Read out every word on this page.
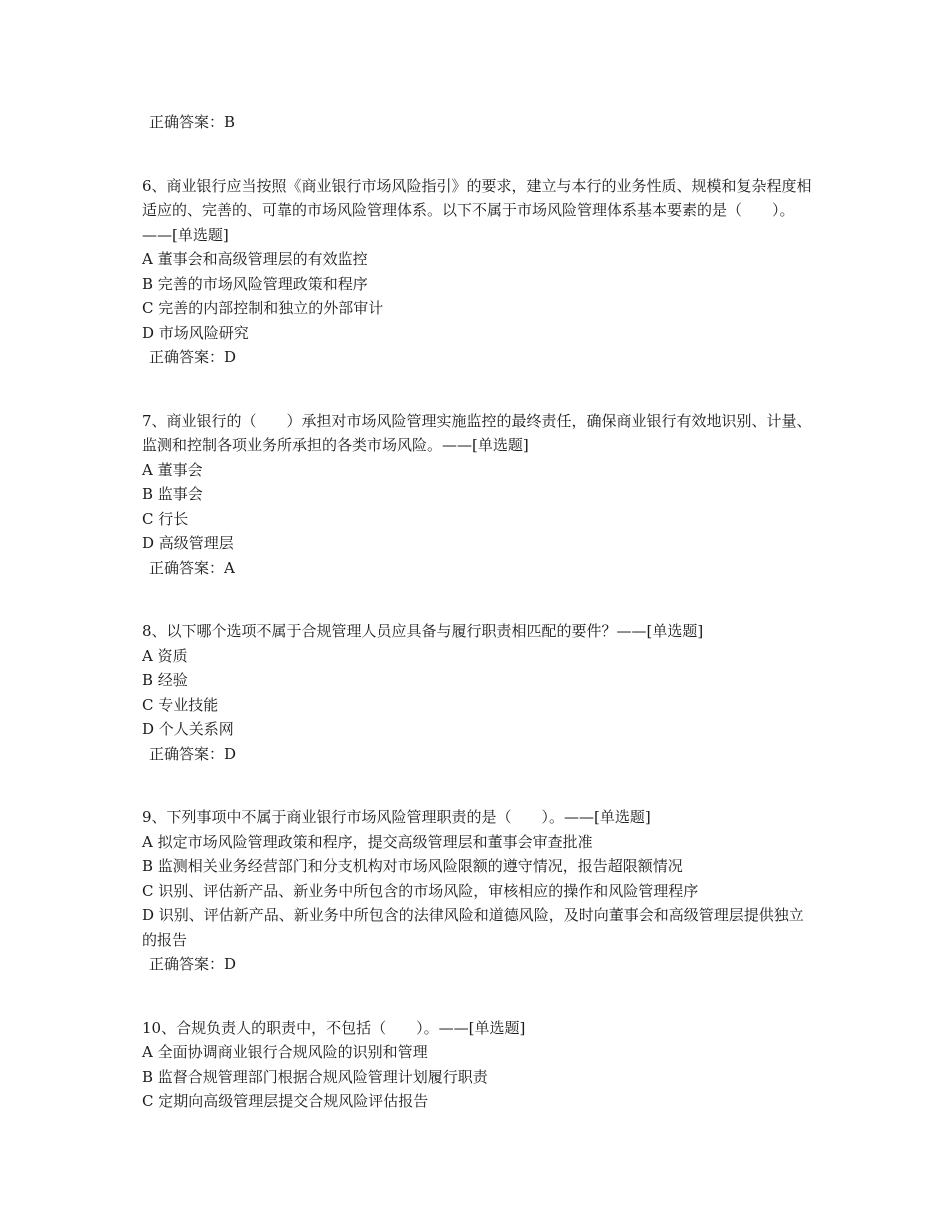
正确答案：B
6、商业银行应当按照《商业银行市场风险指引》的要求，建立与本行的业务性质、规模和复杂程度相适应的、完善的、可靠的市场风险管理体系。以下不属于市场风险管理体系基本要素的是（　　）。——[单选题]
A 董事会和高级管理层的有效监控
B 完善的市场风险管理政策和程序
C 完善的内部控制和独立的外部审计
D 市场风险研究
正确答案：D
7、商业银行的（　　）承担对市场风险管理实施监控的最终责任，确保商业银行有效地识别、计量、监测和控制各项业务所承担的各类市场风险。——[单选题]
A 董事会
B 监事会
C 行长
D 高级管理层
正确答案：A
8、以下哪个选项不属于合规管理人员应具备与履行职责相匹配的要件？——[单选题]
A 资质
B 经验
C 专业技能
D 个人关系网
正确答案：D
9、下列事项中不属于商业银行市场风险管理职责的是（　　）。——[单选题]
A 拟定市场风险管理政策和程序，提交高级管理层和董事会审查批准
B 监测相关业务经营部门和分支机构对市场风险限额的遵守情况，报告超限额情况
C 识别、评估新产品、新业务中所包含的市场风险，审核相应的操作和风险管理程序
D 识别、评估新产品、新业务中所包含的法律风险和道德风险，及时向董事会和高级管理层提供独立的报告
正确答案：D
10、合规负责人的职责中，不包括（　　）。——[单选题]
A 全面协调商业银行合规风险的识别和管理
B 监督合规管理部门根据合规风险管理计划履行职责
C 定期向高级管理层提交合规风险评估报告
